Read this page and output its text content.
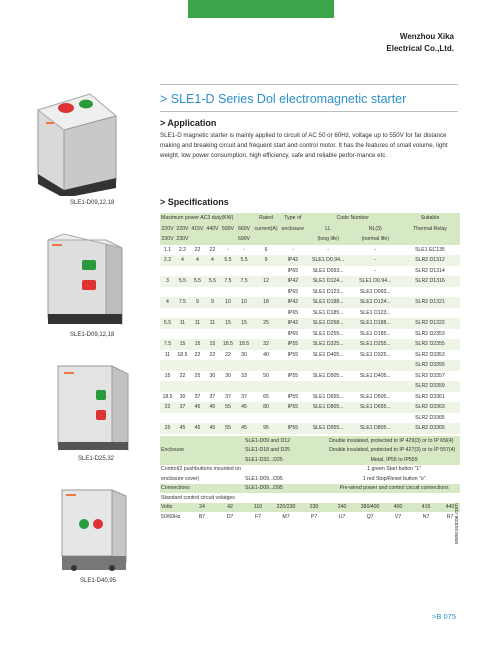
Wenzhou Xika
Electrical Co.,Ltd.
> SLE1-D Series Dol electromagnetic starter
> Application
SLE1-D magnetic starter is mainly applied to circuit of AC 50 or 60Hz, voltage up to 550V for far distance making and breaking circuit and frequent start and control motor. It has the features of small volume, light weight, low power consumption, high efficiency, safe and reliable perfor-mance etc.
> Specifications
SLE1-D09,12,18
SLE1-D09,12,18
SLE1-D25,32
SLE1-D40,95
Maximum power AC3 duty(KW)						Rated	Type of	Code Number		Suitable
220V	220V	415V	440V	500V	660V	current(A)	enclosure	LL	NL(3)	Thermal Relay
230V	230V				690V			(long life)	(normal life)	
1.1	2.2	22	22	-	-	6	-	-	-	SLE1 EC135
2.2	4	4	4	5.5	5.5	9	IP42	SLE1 D0.94...	-	SLR2 D1312
							IP65	SLE1 D093...	-	SLR2 D1314
3	5.5	5.5	5.5	7.5	7.5	12	IP42	SLE1 D124...	SLE1 D0.94...	SLR2 D1316
							IP65	SLE1 D123...	SLE1 D093...	
4	7.5	9	9	10	10	18	IP42	SLE1 D188...	SLE1 D124...	SLR2 D1321
							IP65	SLE1 D185...	SLE1 D123...	
5.5	11	11	11	15	15	25	IP42	SLE1 D258...	SLE1 D188...	SLR2 D1322
							IP65	SLE1 D255...	SLE1 D185...	SLR2 D2353
7.5	15	15	15	18.5	18.5	32	IP55	SLE1 D325...	SLE1 D255...	SLR2 D2355
11	18.5	22	22	22	30	40	IP55	SLE1 D405...	SLE1 D325...	SLR2 D3353
										SLR2 D3355
15	22	25	30	30	33	50	IP55	SLE1 D505...	SLE1 D405...	SLR2 D3357
										SLR2 D3359
18.5	30	37	37	37	37	65	IP55	SLE1 D655...	SLE1 D505...	SLR2 D3361
22	37	45	45	55	45	80	IP55	SLE1 D805...	SLE1 D655...	SLR2 D3363
										SLR2 D3365
25	45	45	45	55	45	95	IP55	SLE1 D955...	SLE1 D805...	SLR2 D3365
			SLE1-D09 and D12			Double insulated, protected to IP 429(3) or to IP 65l(4)				
Enclosure			SLE1-D18 and D25			Double insulated, protected to IP 427(3) or to IP 557(4)				
			SLE1-D32...D25			Metal, IP55 to IP559				
Control(2 pushbuttons mounted on						1 green Start button "1"				
enclosure cover)			SLE1-D09...D95			1 red Stop/Reset button "o"				
Connections			SLE1-D09...D95			Pre-wired power and control circuit connections				
Standard control circuit volatges										
Volts	24	42	110	220/230	230	240	380/400	400	415	440
50/60Hz	B7	D7	F7	M7	P7	U7	Q7	V7	N7	R7 www.sxicoe.com
>B 075
